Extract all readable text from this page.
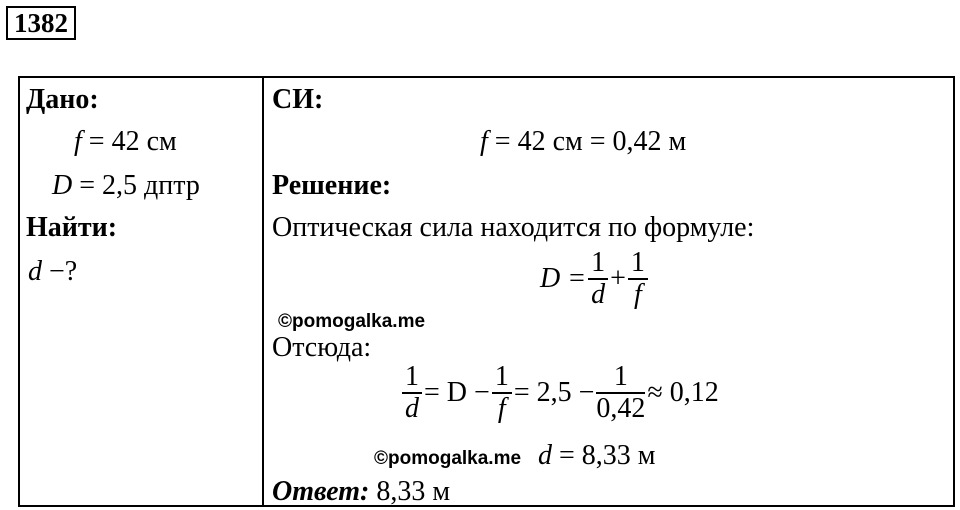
1382
Дано:
f = 42 см
D = 2,5 дптр
Найти:
d −?
СИ:
f = 42 см = 0,42 м
Решение:
Оптическая сила находится по формуле:
$D = \frac{1}{d} + \frac{1}{f}$
©pomogalka.me
Отсюда:
$\frac{1}{d} = D - \frac{1}{f} = 2,5 - \frac{1}{0,42} \approx 0,12$
©pomogalka.me d = 8,33 м
Ответ: 8,33 м
